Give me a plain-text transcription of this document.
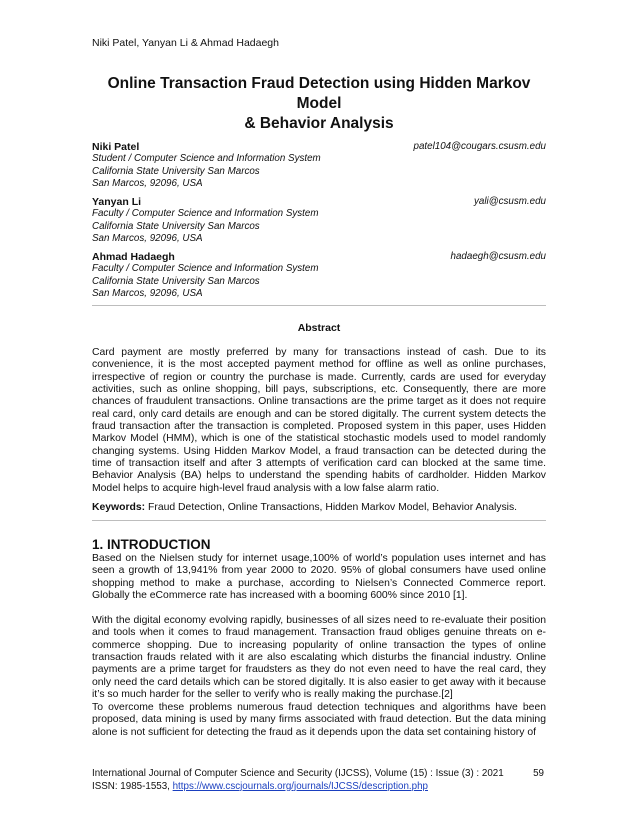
Niki Patel, Yanyan Li & Ahmad Hadaegh
Online Transaction Fraud Detection using Hidden Markov Model
& Behavior Analysis
Niki Patel	patel104@cougars.csusm.edu
Student / Computer Science and Information System
California State University San Marcos
San Marcos, 92096, USA
Yanyan Li	yali@csusm.edu
Faculty / Computer Science and Information System
California State University San Marcos
San Marcos, 92096, USA
Ahmad Hadaegh	hadaegh@csusm.edu
Faculty / Computer Science and Information System
California State University San Marcos
San Marcos, 92096, USA
Abstract

Card payment are mostly preferred by many for transactions instead of cash. Due to its convenience, it is the most accepted payment method for offline as well as online purchases, irrespective of region or country the purchase is made. Currently, cards are used for everyday activities, such as online shopping, bill pays, subscriptions, etc. Consequently, there are more chances of fraudulent transactions. Online transactions are the prime target as it does not require real card, only card details are enough and can be stored digitally. The current system detects the fraud transaction after the transaction is completed. Proposed system in this paper, uses Hidden Markov Model (HMM), which is one of the statistical stochastic models used to model randomly changing systems. Using Hidden Markov Model, a fraud transaction can be detected during the time of transaction itself and after 3 attempts of verification card can blocked at the same time. Behavior Analysis (BA) helps to understand the spending habits of cardholder. Hidden Markov Model helps to acquire high-level fraud analysis with a low false alarm ratio.

Keywords: Fraud Detection, Online Transactions, Hidden Markov Model, Behavior Analysis.

1. INTRODUCTION

Based on the Nielsen study for internet usage,100% of world’s population uses internet and has seen a growth of 13,941% from year 2000 to 2020. 95% of global consumers have used online shopping method to make a purchase, according to Nielsen’s Connected Commerce report. Globally the eCommerce rate has increased with a booming 600% since 2010 [1].

With the digital economy evolving rapidly, businesses of all sizes need to re-evaluate their position and tools when it comes to fraud management. Transaction fraud obliges genuine threats on e-commerce shopping. Due to increasing popularity of online transaction the types of online transaction frauds related with it are also escalating which disturbs the financial industry. Online payments are a prime target for fraudsters as they do not even need to have the real card, they only need the card details which can be stored digitally. It is also easier to get away with it because it’s so much harder for the seller to verify who is really making the purchase.[2]

To overcome these problems numerous fraud detection techniques and algorithms have been proposed, data mining is used by many firms associated with fraud detection. But the data mining alone is not sufficient for detecting the fraud as it depends upon the data set containing history of

International Journal of Computer Science and Security (IJCSS), Volume (15) : Issue (3) : 2021	59
ISSN: 1985-1553, https://www.cscjournals.org/journals/IJCSS/description.php
